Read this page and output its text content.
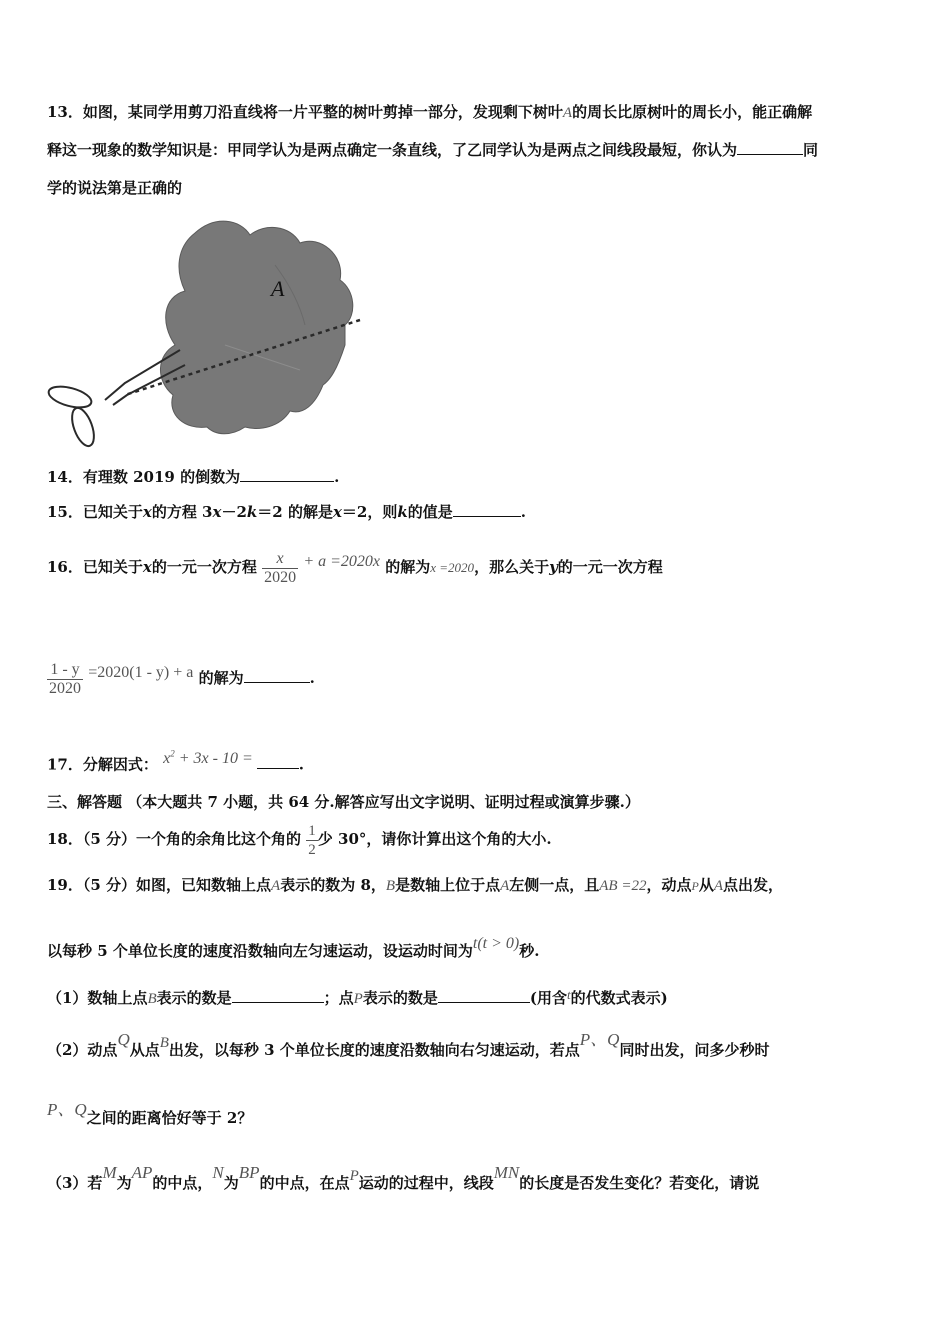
13．如图，某同学用剪刀沿直线将一片平整的树叶剪掉一部分，发现剩下树叶A的周长比原树叶的周长小，能正确解
释这一现象的数学知识是：甲同学认为是两点确定一条直线，了乙同学认为是两点之间线段最短，你认为	同
学的说法第是正确的
A
14．有理数 2019 的倒数为	.
15．已知关于x的方程 3x－2k＝2 的解是x＝2，则k的值是	.
16．已知关于x的一元一次方程 $\frac{x}{2020} + a =2020x$ 的解为x =2020，那么关于y的一元一次方程
$\frac{1 - y}{2020} =2020(1 - y) + a$ 的解为	.
17．分解因式： $x^2 + 3x - 10$ =	.
三、解答题 （本大题共 7 小题，共 64 分.解答应写出文字说明、证明过程或演算步骤.）
18．（5 分）一个角的余角比这个角的 $\frac{1}{2}$ 少 30°，请你计算出这个角的大小.
19．（5 分）如图，已知数轴上点A表示的数为 8，B是数轴上位于点A左侧一点，且AB =22，动点P从A点出发，
以每秒 5 个单位长度的速度沿数轴向左匀速运动，设运动时间为t(t > 0)秒.
（1）数轴上点B表示的数是	；点P表示的数是	(用含t的代数式表示)
（2）动点Q从点B出发，以每秒 3 个单位长度的速度沿数轴向右匀速运动，若点P、Q同时出发，问多少秒时
P、Q之间的距离恰好等于 2？
（3）若M为AP的中点，N为BP的中点，在点P运动的过程中，线段MN的长度是否发生变化？若变化，请说
